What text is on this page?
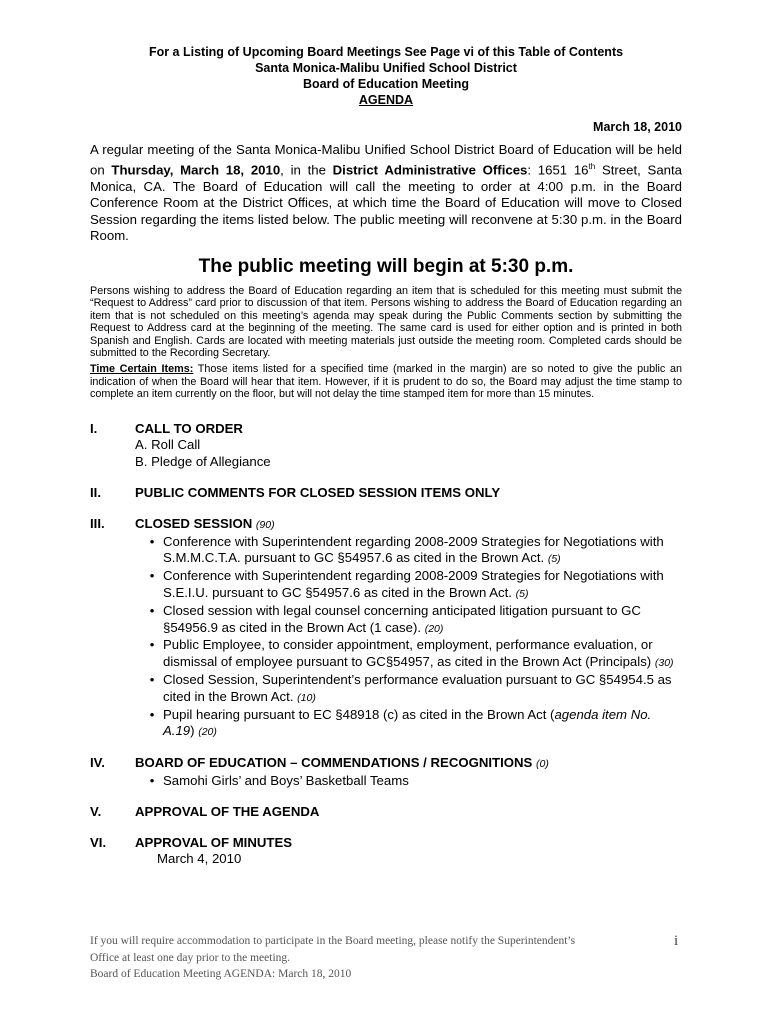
For a Listing of Upcoming Board Meetings See Page vi of this Table of Contents
Santa Monica-Malibu Unified School District
Board of Education Meeting
AGENDA
March 18, 2010
A regular meeting of the Santa Monica-Malibu Unified School District Board of Education will be held on Thursday, March 18, 2010, in the District Administrative Offices: 1651 16th Street, Santa Monica, CA. The Board of Education will call the meeting to order at 4:00 p.m. in the Board Conference Room at the District Offices, at which time the Board of Education will move to Closed Session regarding the items listed below. The public meeting will reconvene at 5:30 p.m. in the Board Room.
The public meeting will begin at 5:30 p.m.
Persons wishing to address the Board of Education regarding an item that is scheduled for this meeting must submit the “Request to Address” card prior to discussion of that item. Persons wishing to address the Board of Education regarding an item that is not scheduled on this meeting’s agenda may speak during the Public Comments section by submitting the Request to Address card at the beginning of the meeting. The same card is used for either option and is printed in both Spanish and English. Cards are located with meeting materials just outside the meeting room. Completed cards should be submitted to the Recording Secretary.
Time Certain Items: Those items listed for a specified time (marked in the margin) are so noted to give the public an indication of when the Board will hear that item. However, if it is prudent to do so, the Board may adjust the time stamp to complete an item currently on the floor, but will not delay the time stamped item for more than 15 minutes.
I.	CALL TO ORDER
A. Roll Call
B. Pledge of Allegiance
II.	PUBLIC COMMENTS FOR CLOSED SESSION ITEMS ONLY
III.	CLOSED SESSION (90)
• Conference with Superintendent regarding 2008-2009 Strategies for Negotiations with S.M.M.C.T.A. pursuant to GC §54957.6 as cited in the Brown Act. (5)
• Conference with Superintendent regarding 2008-2009 Strategies for Negotiations with S.E.I.U. pursuant to GC §54957.6 as cited in the Brown Act. (5)
• Closed session with legal counsel concerning anticipated litigation pursuant to GC §54956.9 as cited in the Brown Act (1 case). (20)
• Public Employee, to consider appointment, employment, performance evaluation, or dismissal of employee pursuant to GC§54957, as cited in the Brown Act (Principals) (30)
• Closed Session, Superintendent’s performance evaluation pursuant to GC §54954.5 as cited in the Brown Act. (10)
• Pupil hearing pursuant to EC §48918 (c) as cited in the Brown Act (agenda item No. A.19) (20)
IV.	BOARD OF EDUCATION – COMMENDATIONS / RECOGNITIONS (0)
• Samohi Girls’ and Boys’ Basketball Teams
V.	APPROVAL OF THE AGENDA
VI.	APPROVAL OF MINUTES
March 4, 2010
If you will require accommodation to participate in the Board meeting, please notify the Superintendent’s
Office at least one day prior to the meeting.
Board of Education Meeting AGENDA: March 18, 2010
i
